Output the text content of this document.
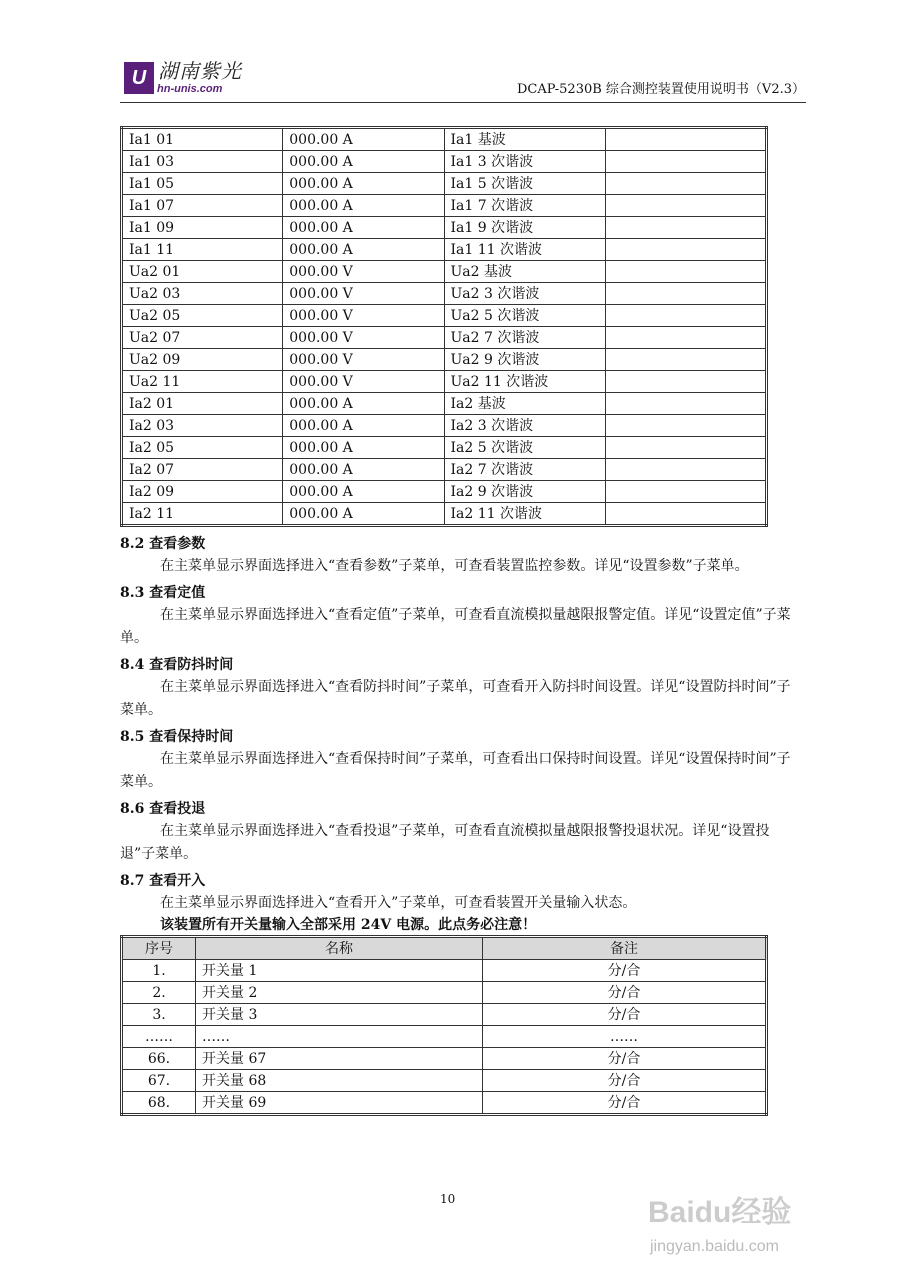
U 湖南紫光
hn-unis.com	DCAP-5230B 综合测控装置使用说明书（V2.3）
Ia1 01	000.00 A	Ia1 基波	
Ia1 03	000.00 A	Ia1 3 次谐波	
Ia1 05	000.00 A	Ia1 5 次谐波	
Ia1 07	000.00 A	Ia1 7 次谐波	
Ia1 09	000.00 A	Ia1 9 次谐波	
Ia1 11	000.00 A	Ia1 11 次谐波	
Ua2 01	000.00 V	Ua2 基波	
Ua2 03	000.00 V	Ua2 3 次谐波	
Ua2 05	000.00 V	Ua2 5 次谐波	
Ua2 07	000.00 V	Ua2 7 次谐波	
Ua2 09	000.00 V	Ua2 9 次谐波	
Ua2 11	000.00 V	Ua2 11 次谐波	
Ia2 01	000.00 A	Ia2 基波	
Ia2 03	000.00 A	Ia2 3 次谐波	
Ia2 05	000.00 A	Ia2 5 次谐波	
Ia2 07	000.00 A	Ia2 7 次谐波	
Ia2 09	000.00 A	Ia2 9 次谐波	
Ia2 11	000.00 A	Ia2 11 次谐波	
8.2 查看参数
在主菜单显示界面选择进入“查看参数”子菜单，可查看装置监控参数。详见“设置参数”子菜单。
8.3 查看定值
在主菜单显示界面选择进入“查看定值”子菜单，可查看直流模拟量越限报警定值。详见“设置定值”子菜单。
8.4 查看防抖时间
在主菜单显示界面选择进入“查看防抖时间”子菜单，可查看开入防抖时间设置。详见“设置防抖时间”子菜单。
8.5 查看保持时间
在主菜单显示界面选择进入“查看保持时间”子菜单，可查看出口保持时间设置。详见“设置保持时间”子菜单。
8.6 查看投退
在主菜单显示界面选择进入“查看投退”子菜单，可查看直流模拟量越限报警投退状况。详见“设置投退”子菜单。
8.7 查看开入
在主菜单显示界面选择进入“查看开入”子菜单，可查看装置开关量输入状态。
该装置所有开关量输入全部采用 24V 电源。此点务必注意！
序号	名称	备注
1.	开关量 1	分/合
2.	开关量 2	分/合
3.	开关量 3	分/合
……	……	……
66.	开关量 67	分/合
67.	开关量 68	分/合
68.	开关量 69	分/合
10	Baidu经验
jingyan.baidu.com
